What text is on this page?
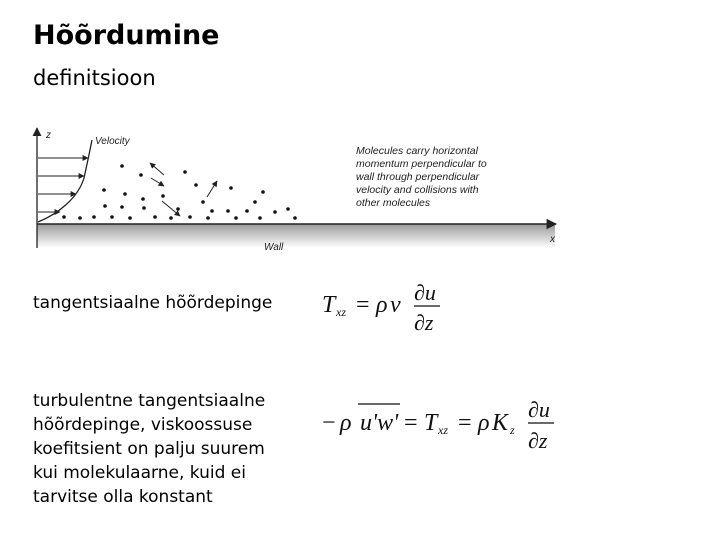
Hõõrdumine
definitsioon
z
x
Velocity
Wall
Molecules carry horizontal
momentum perpendicular to
wall through perpendicular
velocity and collisions with
other molecules
tangentsiaalne hõõrdepinge
turbulentne tangentsiaalne
hõõrdepinge, viskoossuse
koefitsient on palju suurem
kui molekulaarne, kuid ei
tarvitse olla konstant
T xz = ρ ν ∂u
∂z
− ρ u'w' = T xz = ρ K z
∂u
∂z
